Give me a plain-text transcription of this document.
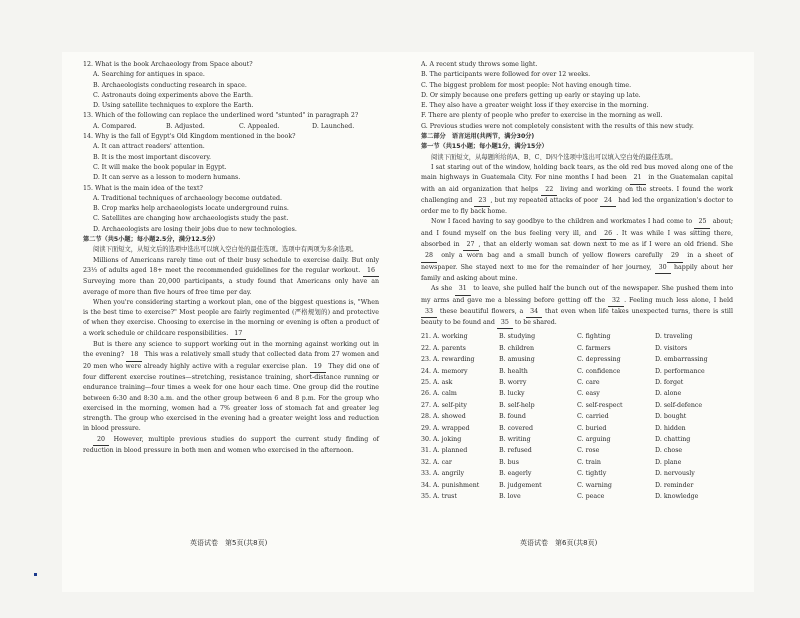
12. What is the book Archaeology from Space about?
A. Searching for antiques in space.
B. Archaeologists conducting research in space.
C. Astronauts doing experiments above the Earth.
D. Using satellite techniques to explore the Earth.
13. Which of the following can replace the underlined word "stunted" in paragraph 2?
A. Compared.	B. Adjusted.	C. Appealed.	D. Launched.
14. Why is the fall of Egypt's Old Kingdom mentioned in the book?
A. It can attract readers' attention.
B. It is the most important discovery.
C. It will make the book popular in Egypt.
D. It can serve as a lesson to modern humans.
15. What is the main idea of the text?
A. Traditional techniques of archaeology become outdated.
B. Crop marks help archaeologists locate underground ruins.
C. Satellites are changing how archaeologists study the past.
D. Archaeologists are losing their jobs due to new technologies.
第二节（共5小题；每小题2.5分，满分12.5分）
阅读下面短文，从短文后的选项中选出可以填入空白处的最佳选项。选项中有两项为多余选项。
Millions of Americans rarely time out of their busy schedule to exercise daily. But only 23⅓ of adults aged 18+ meet the recommended guidelines for the regular workout. 16 Surveying more than 20,000 participants, a study found that Americans only have an average of more than five hours of free time per day.
When you're considering starting a workout plan, one of the biggest questions is, "When is the best time to exercise?" Most people are fairly regimented (严格规划的) and protective of when they exercise. Choosing to exercise in the morning or evening is often a product of a work schedule or childcare responsibilities. 17
But is there any science to support working out in the morning against working out in the evening? 18 This was a relatively small study that collected data from 27 women and 20 men who were already highly active with a regular exercise plan. 19 They did one of four different exercise routines—stretching, resistance training, short-distance running or endurance training—four times a week for one hour each time. One group did the routine between 6:30 and 8:30 a.m. and the other group between 6 and 8 p.m. For the group who exercised in the morning, women had a 7% greater loss of stomach fat and greater leg strength. The group who exercised in the evening had a greater weight loss and reduction in blood pressure.
20 However, multiple previous studies do support the current study finding of reduction in blood pressure in both men and women who exercised in the afternoon.
英语试卷　第5页(共8页)
A. A recent study throws some light.
B. The participants were followed for over 12 weeks.
C. The biggest problem for most people: Not having enough time.
D. Or simply because one prefers getting up early or staying up late.
E. They also have a greater weight loss if they exercise in the morning.
F. There are plenty of people who prefer to exercise in the morning as well.
G. Previous studies were not completely consistent with the results of this new study.
第二部分　语言运用(共两节，满分30分)
第一节（共15小题；每小题1分，满分15分）
阅读下面短文，从每题所给的A、B、C、D四个选项中选出可以填入空白处的最佳选项。
I sat staring out of the window, holding back tears, as the old red bus moved along one of the main highways in Guatemala City. For nine months I had been 21 in the Guatemalan capital with an aid organization that helps 22 living and working on the streets. I found the work challenging and 23 , but my repeated attacks of poor 24 had led the organization's doctor to order me to fly back home.
Now I faced having to say goodbye to the children and workmates I had come to 25 about; and I found myself on the bus feeling very ill, and 26 . It was while I was sitting there, absorbed in 27 , that an elderly woman sat down next to me as if I were an old friend. She 28 only a worn bag and a small bunch of yellow flowers carefully 29 in a sheet of newspaper. She stayed next to me for the remainder of her journey, 30 happily about her family and asking about mine.
As she 31 to leave, she pulled half the bunch out of the newspaper. She pushed them into my arms and gave me a blessing before getting off the 32 . Feeling much less alone, I held 33 these beautiful flowers, a 34 that even when life takes unexpected turns, there is still beauty to be found and 35 to be shared.
21. A. working	B. studying	C. fighting	D. traveling
22. A. parents	B. children	C. farmers	D. visitors
23. A. rewarding	B. amusing	C. depressing	D. embarrassing
24. A. memory	B. health	C. confidence	D. performance
25. A. ask	B. worry	C. care	D. forget
26. A. calm	B. lucky	C. easy	D. alone
27. A. self-pity	B. self-help	C. self-respect	D. self-defence
28. A. showed	B. found	C. carried	D. bought
29. A. wrapped	B. covered	C. buried	D. hidden
30. A. joking	B. writing	C. arguing	D. chatting
31. A. planned	B. refused	C. rose	D. chose
32. A. car	B. bus	C. train	D. plane
33. A. angrily	B. eagerly	C. tightly	D. nervously
34. A. punishment	B. judgement	C. warning	D. reminder
35. A. trust	B. love	C. peace	D. knowledge
英语试卷　第6页(共8页)
